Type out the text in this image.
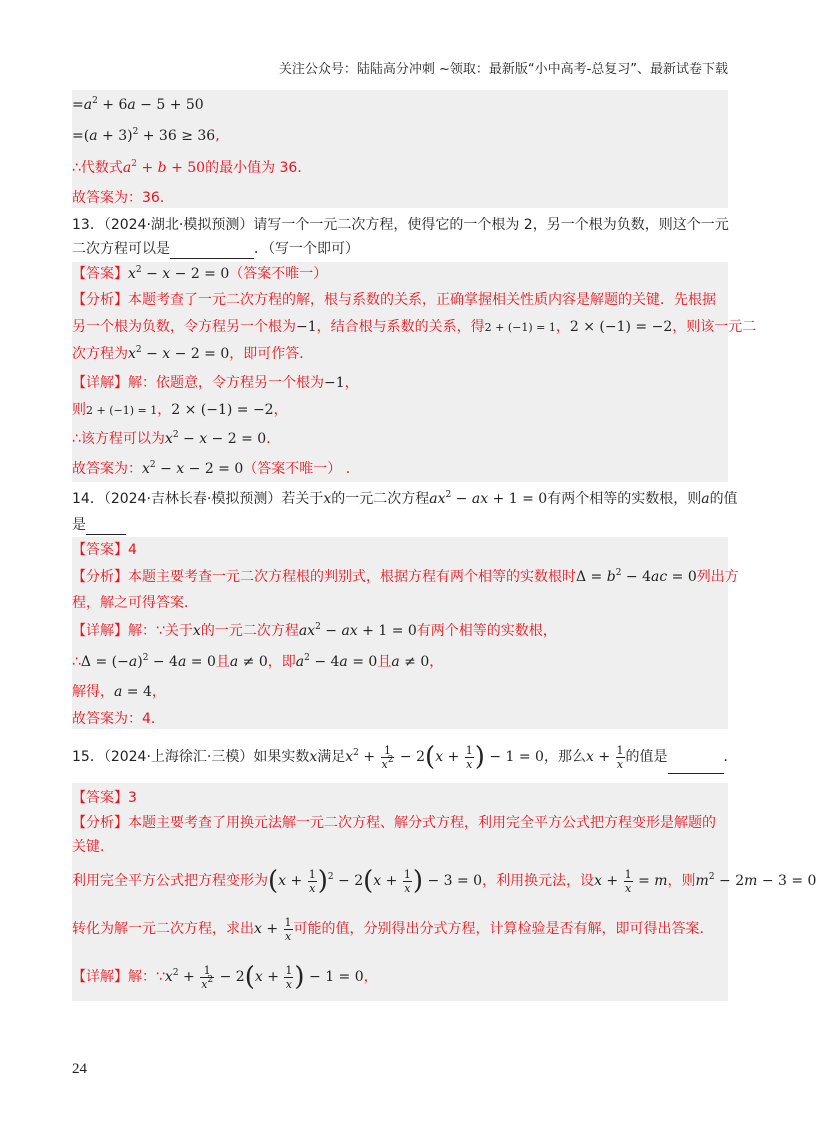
关注公众号：陆陆高分冲刺 ~领取：最新版“小中高考-总复习”、最新试卷下载
$=a^2 + 6a - 5 + 50$
$=(a + 3)^2 + 36 \ge 36$,
∴代数式$a^2 + b + 50$的最小值为 36．
故答案为：36．
13．（2024·湖北·模拟预测）请写一个一元二次方程，使得它的一个根为 2，另一个根为负数，则这个一元
二次方程可以是	．（写一个即可）
【答案】$x^2 - x - 2 = 0$（答案不唯一）
【分析】本题考查了一元二次方程的解，根与系数的关系，正确掌握相关性质内容是解题的关键．先根据
另一个根为负数，令方程另一个根为−1，结合根与系数的关系，得2 + (−1) = 1，2 × (−1) = −2，则该一元二
次方程为$x^2 - x - 2 = 0$，即可作答．
【详解】解：依题意，令方程另一个根为−1，
则2 + (−1) = 1，2 × (−1) = −2，
∴该方程可以为$x^2 - x - 2 = 0$．
故答案为：$x^2 - x - 2 = 0$（答案不唯一） ．
14．（2024·吉林长春·模拟预测）若关于x的一元二次方程$ax^2$ − ax + 1 = 0有两个相等的实数根，则a的值
是
【答案】4
【分析】本题主要考查一元二次方程根的判别式，根据方程有两个相等的实数根时$\Delta = b^2 - 4ac = 0$列出方
程，解之可得答案．
【详解】解：∵关于x的一元二次方程$ax^2$ − ax + 1 = 0有两个相等的实数根，
∴Δ = $(-a)^2 - 4a = 0$且a ≠ 0，即$a^2 - 4a = 0$且a ≠ 0，
解得，a = 4，
故答案为：4．
15．（2024·上海徐汇·三模）如果实数x满足$x^2 + \frac{1}{x^2} - 2(x + \frac{1}{x}$ ) − 1 = 0，那么$x + \frac{1}{x}$ 的值是	．
【答案】3
【分析】本题主要考查了用换元法解一元二次方程、解分式方程，利用完全平方公式把方程变形是解题的
关键．
利用完全平方公式把方程变形为$(x + \frac{1}{x} )^2 - 2(x + \frac{1}{x}$ ) − 3 = 0，利用换元法，设$x + \frac{1}{x} = m$，则$m^2 - 2m - 3 = 0$
转化为解一元二次方程，求出$x + \frac{1}{x}$ 可能的值，分别得出分式方程，计算检验是否有解，即可得出答案．
【详解】解：$\because x^2 + \frac{1}{x^2} - 2(x + \frac{1}{x}$ ) − 1 = 0，
24
